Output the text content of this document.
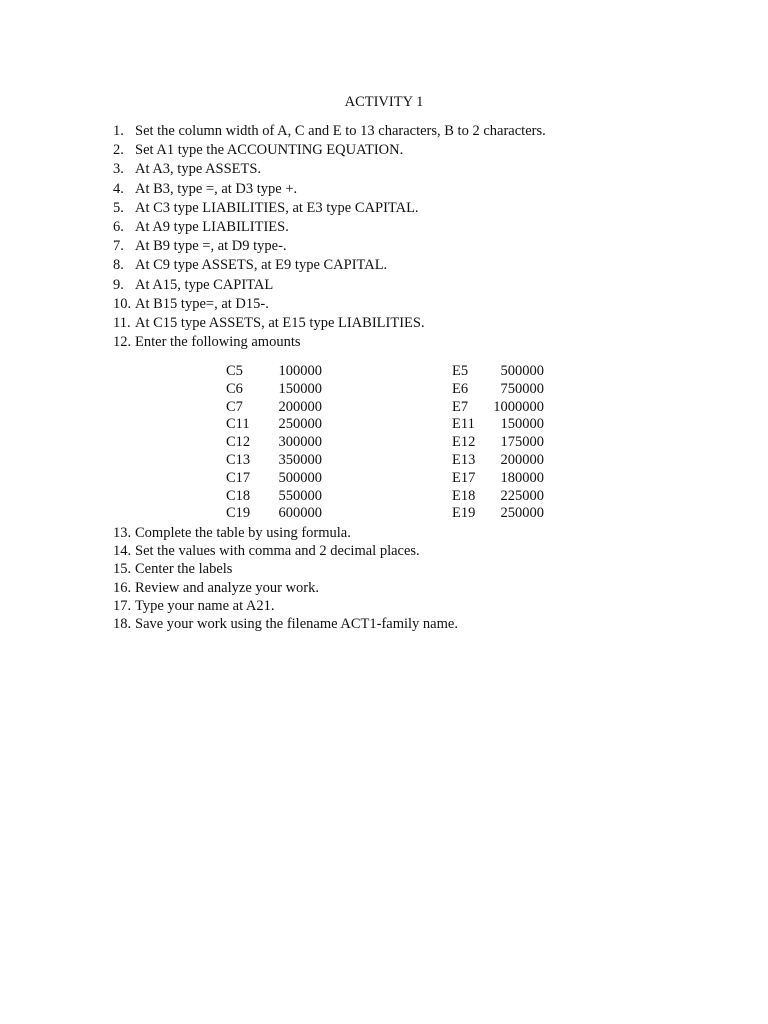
ACTIVITY 1
1. Set the column width of A, C and E to 13 characters, B to 2 characters.
2. Set A1 type the ACCOUNTING EQUATION.
3. At A3, type ASSETS.
4. At B3, type =, at D3 type +.
5. At C3 type LIABILITIES, at E3 type CAPITAL.
6. At A9 type LIABILITIES.
7. At B9 type =, at D9 type-.
8. At C9 type ASSETS, at E9 type CAPITAL.
9. At A15, type CAPITAL
10. At B15 type=, at D15-.
11. At C15 type ASSETS, at E15 type LIABILITIES.
12. Enter the following amounts
C5	100000	E5	500000
C6	150000	E6	750000
C7	200000	E7	1000000
C11	250000	E11	150000
C12	300000	E12	175000
C13	350000	E13	200000
C17	500000	E17	180000
C18	550000	E18	225000
C19	600000	E19	250000
13. Complete the table by using formula.
14. Set the values with comma and 2 decimal places.
15. Center the labels
16. Review and analyze your work.
17. Type your name at A21.
18. Save your work using the filename ACT1-family name.
